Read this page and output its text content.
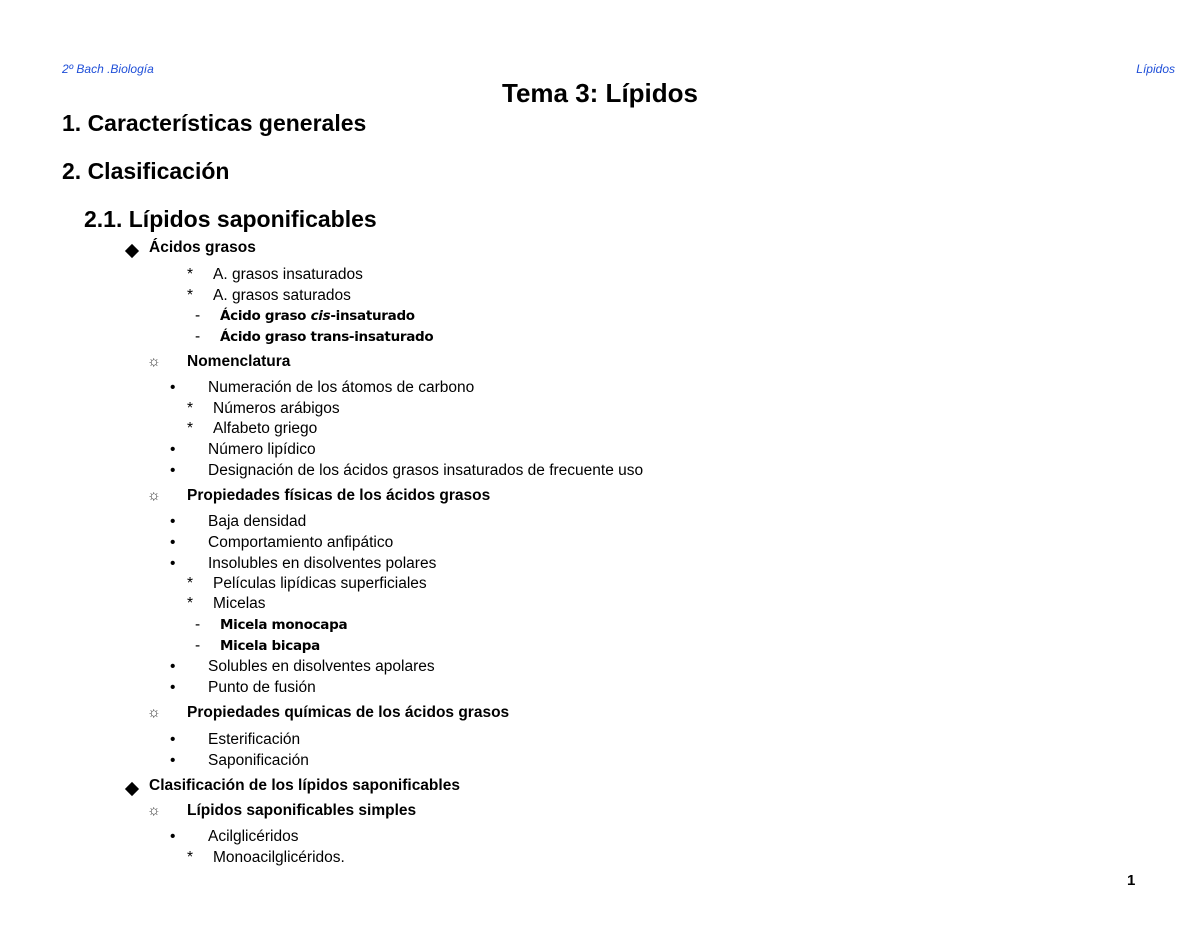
2º Bach .Biología	Lípidos
Tema 3: Lípidos
1. Características generales
2. Clasificación
2.1. Lípidos saponificables
Ácidos grasos
* A. grasos insaturados
* A. grasos saturados
- Ácido graso cis-insaturado
- Ácido graso trans-insaturado
☼ Nomenclatura
• Numeración de los átomos de carbono
* Números arábigos
* Alfabeto griego
• Número lipídico
• Designación de los ácidos grasos insaturados de frecuente uso
☼ Propiedades físicas de los ácidos grasos
• Baja densidad
• Comportamiento anfipático
• Insolubles en disolventes polares
* Películas lipídicas superficiales
* Micelas
- Micela monocapa
- Micela bicapa
• Solubles en disolventes apolares
• Punto de fusión
☼ Propiedades químicas de los ácidos grasos
• Esterificación
• Saponificación
Clasificación de los lípidos saponificables
☼ Lípidos saponificables simples
• Acilglicéridos
* Monoacilglicéridos.
1
